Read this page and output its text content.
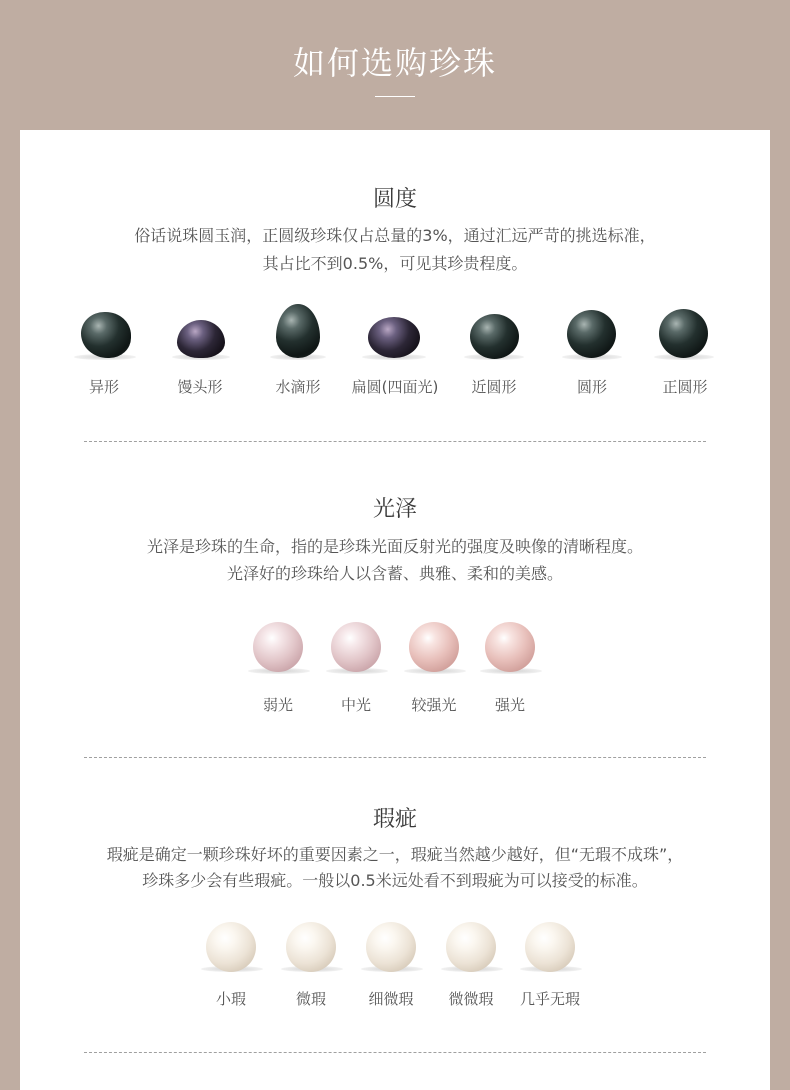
如何选购珍珠
圆度
俗话说珠圆玉润，正圆级珍珠仅占总量的3%，通过汇远严苛的挑选标准，
其占比不到0.5%，可见其珍贵程度。
异形	馒头形	水滴形	扁圆(四面光)	近圆形	圆形	正圆形
光泽
光泽是珍珠的生命，指的是珍珠光面反射光的强度及映像的清晰程度。
光泽好的珍珠给人以含蓄、典雅、柔和的美感。
弱光	中光	较强光	强光
瑕疵
瑕疵是确定一颗珍珠好坏的重要因素之一，瑕疵当然越少越好，但“无瑕不成珠”，
珍珠多少会有些瑕疵。一般以0.5米远处看不到瑕疵为可以接受的标准。
小瑕	微瑕	细微瑕	微微瑕	几乎无瑕
